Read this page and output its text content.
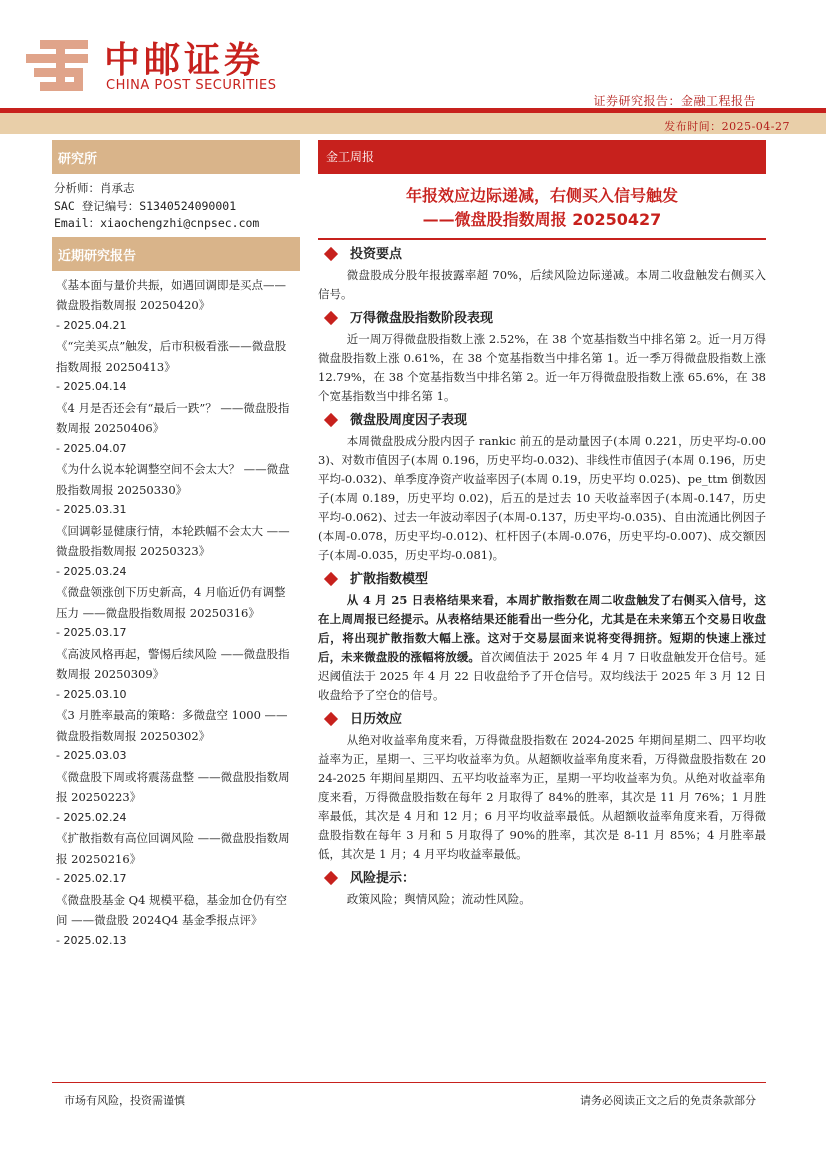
中邮证券
CHINA POST SECURITIES
证券研究报告：金融工程报告
发布时间：2025-04-27
研究所
分析师：肖承志
SAC 登记编号：S1340524090001
Email：xiaochengzhi@cnpsec.com
近期研究报告
《基本面与量价共振，如遇回调即是买点——微盘股指数周报 20250420》
- 2025.04.21
《“完美买点”触发，后市积极看涨——微盘股指数周报 20250413》
- 2025.04.14
《4 月是否还会有“最后一跌”？ ——微盘股指数周报 20250406》
- 2025.04.07
《为什么说本轮调整空间不会太大？ ——微盘股指数周报 20250330》
- 2025.03.31
《回调彰显健康行情，本轮跌幅不会太大 ——微盘股指数周报 20250323》
- 2025.03.24
《微盘领涨创下历史新高，4 月临近仍有调整压力 ——微盘股指数周报 20250316》
- 2025.03.17
《高波风格再起，警惕后续风险 ——微盘股指数周报 20250309》
- 2025.03.10
《3 月胜率最高的策略：多微盘空 1000 ——微盘股指数周报 20250302》
- 2025.03.03
《微盘股下周或将震荡盘整 ——微盘股指数周报 20250223》
- 2025.02.24
《扩散指数有高位回调风险 ——微盘股指数周报 20250216》
- 2025.02.17
《微盘股基金 Q4 规模平稳，基金加仓仍有空间 ——微盘股 2024Q4 基金季报点评》
- 2025.02.13
金工周报
年报效应边际递减，右侧买入信号触发
——微盘股指数周报 20250427
投资要点
微盘股成分股年报披露率超 70%，后续风险边际递减。本周二收盘触发右侧买入信号。
万得微盘股指数阶段表现
近一周万得微盘股指数上涨 2.52%，在 38 个宽基指数当中排名第 2。近一月万得微盘股指数上涨 0.61%，在 38 个宽基指数当中排名第 1。近一季万得微盘股指数上涨 12.79%，在 38 个宽基指数当中排名第 2。近一年万得微盘股指数上涨 65.6%，在 38 个宽基指数当中排名第 1。
微盘股周度因子表现
本周微盘股成分股内因子 rankic 前五的是动量因子(本周 0.221，历史平均-0.003)、对数市值因子(本周 0.196，历史平均-0.032)、非线性市值因子(本周 0.196，历史平均-0.032)、单季度净资产收益率因子(本周 0.19，历史平均 0.025)、pe_ttm 倒数因子(本周 0.189，历史平均 0.02)，后五的是过去 10 天收益率因子(本周-0.147，历史平均-0.062)、过去一年波动率因子(本周-0.137，历史平均-0.035)、自由流通比例因子(本周-0.078，历史平均-0.012)、杠杆因子(本周-0.076，历史平均-0.007)、成交额因子(本周-0.035，历史平均-0.081)。
扩散指数模型
从 4 月 25 日表格结果来看，本周扩散指数在周二收盘触发了右侧买入信号，这在上周周报已经提示。从表格结果还能看出一些分化，尤其是在未来第五个交易日收盘后，将出现扩散指数大幅上涨。这对于交易层面来说将变得拥挤。短期的快速上涨过后，未来微盘股的涨幅将放缓。首次阈值法于 2025 年 4 月 7 日收盘触发开仓信号。延迟阈值法于 2025 年 4 月 22 日收盘给予了开仓信号。双均线法于 2025 年 3 月 12 日收盘给予了空仓的信号。
日历效应
从绝对收益率角度来看，万得微盘股指数在 2024-2025 年期间星期二、四平均收益率为正，星期一、三平均收益率为负。从超额收益率角度来看，万得微盘股指数在 2024-2025 年期间星期四、五平均收益率为正，星期一平均收益率为负。从绝对收益率角度来看，万得微盘股指数在每年 2 月取得了 84%的胜率，其次是 11 月 76%；1 月胜率最低，其次是 4 月和 12 月；6 月平均收益率最低。从超额收益率角度来看，万得微盘股指数在每年 3 月和 5 月取得了 90%的胜率，其次是 8-11 月 85%；4 月胜率最低，其次是 1 月；4 月平均收益率最低。
风险提示：
政策风险；舆情风险；流动性风险。
市场有风险，投资需谨慎	请务必阅读正文之后的免责条款部分
